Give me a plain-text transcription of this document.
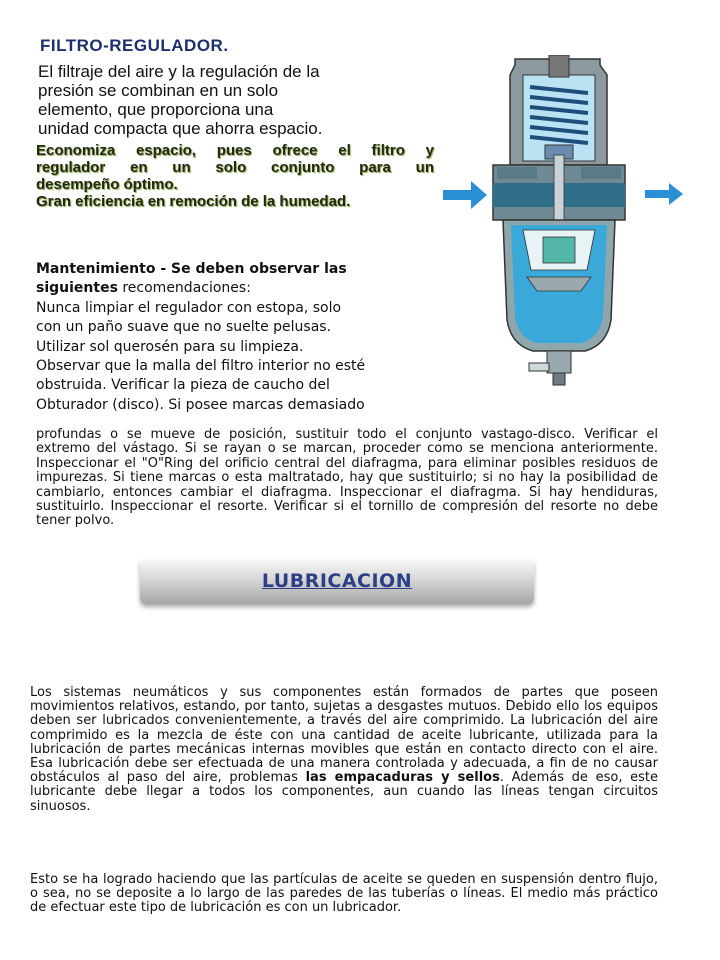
FILTRO-REGULADOR.
El filtraje del aire y la regulación de la
presión se combinan en un solo
elemento, que proporciona una
unidad compacta que ahorra espacio.
Economiza espacio, pues ofrece el filtro y
regulador en un solo conjunto para un
desempeño óptimo.
Gran eficiencia en remoción de la humedad.
Mantenimiento - Se deben observar las
siguientes recomendaciones:
Nunca limpiar el regulador con estopa, solo
con un paño suave que no suelte pelusas.
Utilizar sol querosén para su limpieza.
Observar que la malla del filtro interior no esté
obstruida. Verificar la pieza de caucho del
Obturador (disco). Si posee marcas demasiado
profundas o se mueve de posición, sustituir todo el conjunto vastago-disco. Verificar el extremo del vástago. Si se rayan o se marcan, proceder como se menciona anteriormente. Inspeccionar el "O"Ring del orificio central del diafragma, para eliminar posibles residuos de impurezas. Si tiene marcas o esta maltratado, hay que sustituirlo; si no hay la posibilidad de cambiarlo, entonces cambiar el diafragma. Inspeccionar el diafragma. Si hay hendiduras, sustituirlo. Inspeccionar el resorte. Verificar si el tornillo de compresión del resorte no debe tener polvo.
LUBRICACION
Los sistemas neumáticos y sus componentes están formados de partes que poseen movimientos relativos, estando, por tanto, sujetas a desgastes mutuos. Debido ello los equipos deben ser lubricados convenientemente, a través del aire comprimido. La lubricación del aire comprimido es la mezcla de éste con una cantidad de aceite lubricante, utilizada para la lubricación de partes mecánicas internas movibles que están en contacto directo con el aire. Esa lubricación debe ser efectuada de una manera controlada y adecuada, a fin de no causar obstáculos al paso del aire, problemas las empacaduras y sellos. Además de eso, este lubricante debe llegar a todos los componentes, aun cuando las líneas tengan circuitos sinuosos.
Esto se ha logrado haciendo que las partículas de aceite se queden en suspensión dentro flujo, o sea, no se deposite a lo largo de las paredes de las tuberías o líneas. El medio más práctico de efectuar este tipo de lubricación es con un lubricador.
